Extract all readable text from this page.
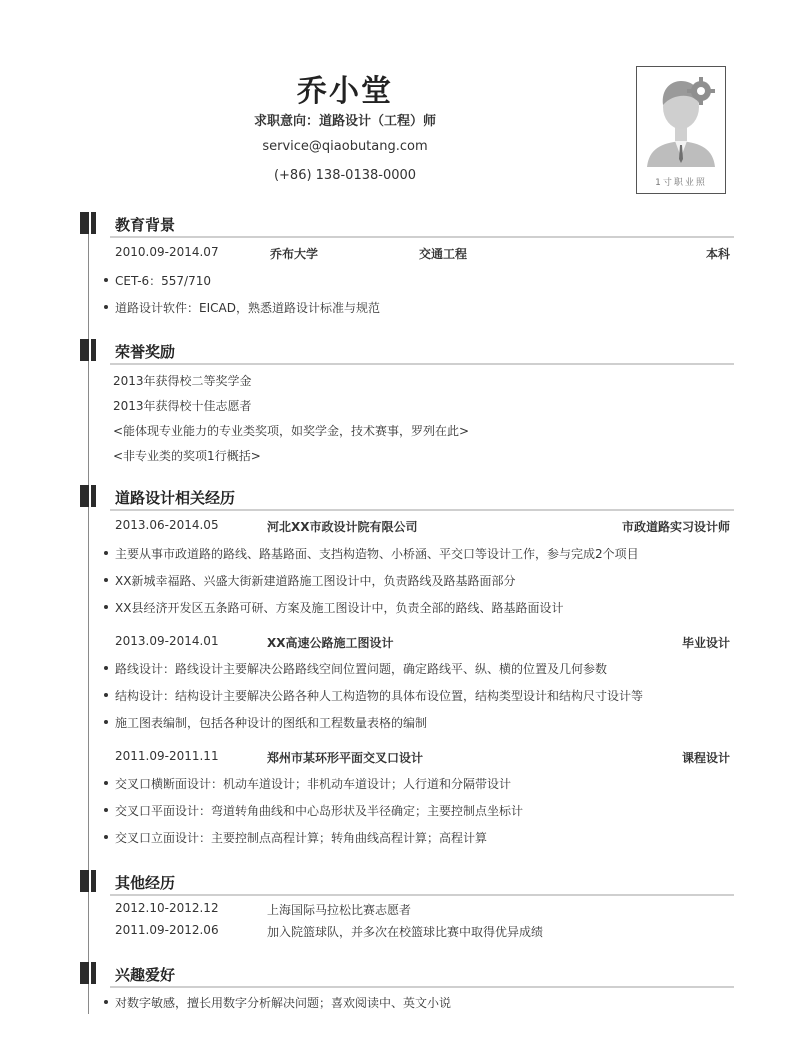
乔小堂
求职意向：道路设计（工程）师
service@qiaobutang.com
(+86) 138-0138-0000	1寸职业照
教育背景
2010.09-2014.07	乔布大学	交通工程	本科
CET-6：557/710
道路设计软件：EICAD，熟悉道路设计标准与规范
荣誉奖励
2013年获得校二等奖学金
2013年获得校十佳志愿者
<能体现专业能力的专业类奖项，如奖学金，技术赛事，罗列在此>
<非专业类的奖项1行概括>
道路设计相关经历
2013.06-2014.05	河北XX市政设计院有限公司	市政道路实习设计师
主要从事市政道路的路线、路基路面、支挡构造物、小桥涵、平交口等设计工作，参与完成2个项目
XX新城幸福路、兴盛大街新建道路施工图设计中，负责路线及路基路面部分
XX县经济开发区五条路可研、方案及施工图设计中，负责全部的路线、路基路面设计
2013.09-2014.01	XX高速公路施工图设计	毕业设计
路线设计：路线设计主要解决公路路线空间位置问题，确定路线平、纵、横的位置及几何参数
结构设计：结构设计主要解决公路各种人工构造物的具体布设位置，结构类型设计和结构尺寸设计等
施工图表编制，包括各种设计的图纸和工程数量表格的编制
2011.09-2011.11	郑州市某环形平面交叉口设计	课程设计
交叉口横断面设计：机动车道设计；非机动车道设计；人行道和分隔带设计
交叉口平面设计：弯道转角曲线和中心岛形状及半径确定；主要控制点坐标计
交叉口立面设计：主要控制点高程计算；转角曲线高程计算；高程计算
其他经历
2012.10-2012.12	上海国际马拉松比赛志愿者
2011.09-2012.06	加入院篮球队，并多次在校篮球比赛中取得优异成绩
兴趣爱好
对数字敏感，擅长用数字分析解决问题；喜欢阅读中、英文小说
